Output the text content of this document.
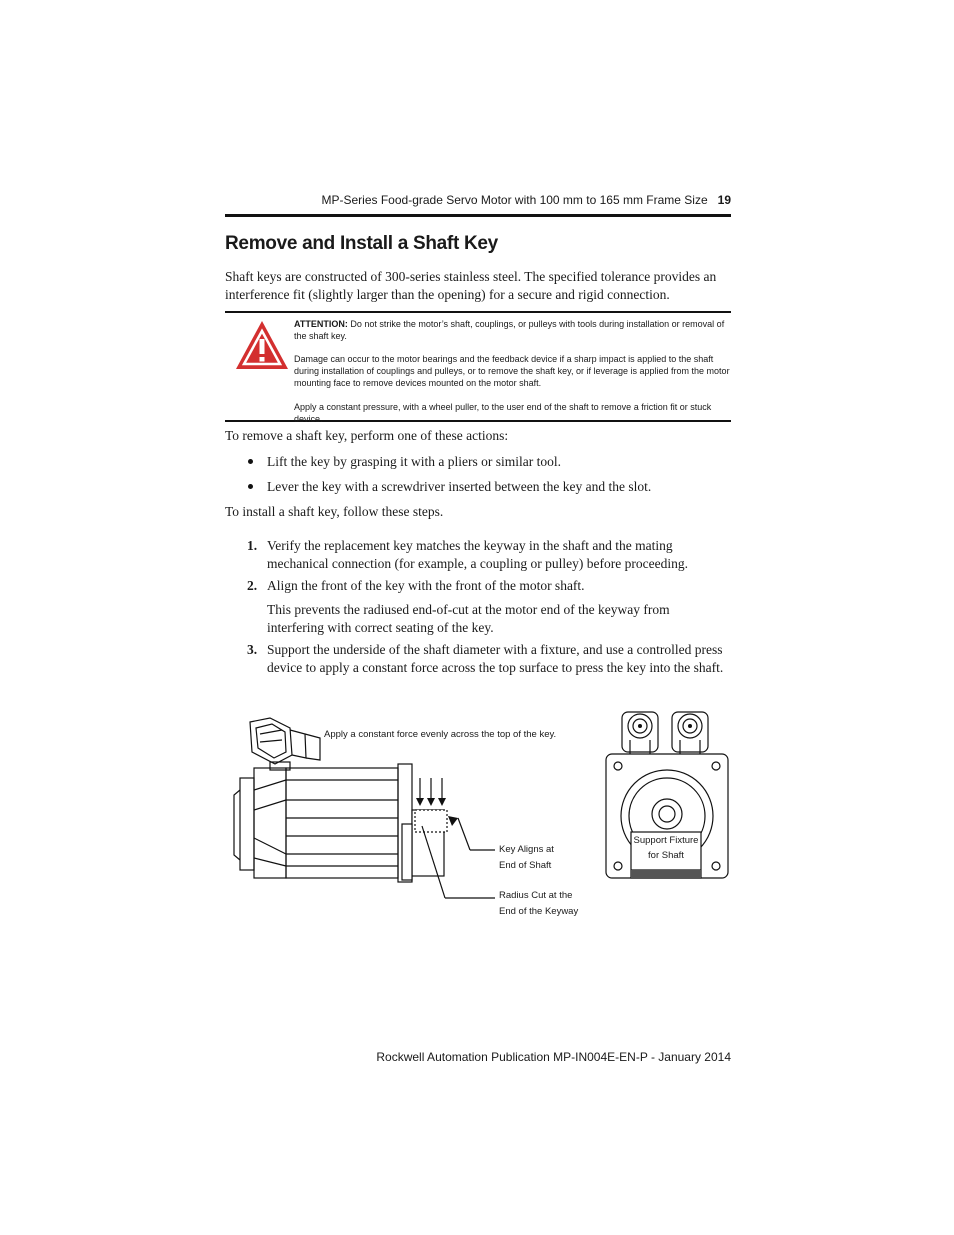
MP-Series Food-grade Servo Motor with 100 mm to 165 mm Frame Size 19
Remove and Install a Shaft Key
Shaft keys are constructed of 300-series stainless steel. The specified tolerance provides an interference fit (slightly larger than the opening) for a secure and rigid connection.
ATTENTION: Do not strike the motor’s shaft, couplings, or pulleys with tools during installation or removal of the shaft key.
Damage can occur to the motor bearings and the feedback device if a sharp impact is applied to the shaft during installation of couplings and pulleys, or to remove the shaft key, or if leverage is applied from the motor mounting face to remove devices mounted on the motor shaft.
Apply a constant pressure, with a wheel puller, to the user end of the shaft to remove a friction fit or stuck device.
To remove a shaft key, perform one of these actions:
Lift the key by grasping it with a pliers or similar tool.
Lever the key with a screwdriver inserted between the key and the slot.
To install a shaft key, follow these steps.
1. Verify the replacement key matches the keyway in the shaft and the mating mechanical connection (for example, a coupling or pulley) before proceeding.
2. Align the front of the key with the front of the motor shaft.
This prevents the radiused end-of-cut at the motor end of the keyway from interfering with correct seating of the key.
3. Support the underside of the shaft diameter with a fixture, and use a controlled press device to apply a constant force across the top surface to press the key into the shaft.
Apply a constant force evenly across the top of the key.
Key Aligns at
End of Shaft
Radius Cut at the
End of the Keyway
Support Fixture
for Shaft
Rockwell Automation Publication MP-IN004E-EN-P - January 2014
